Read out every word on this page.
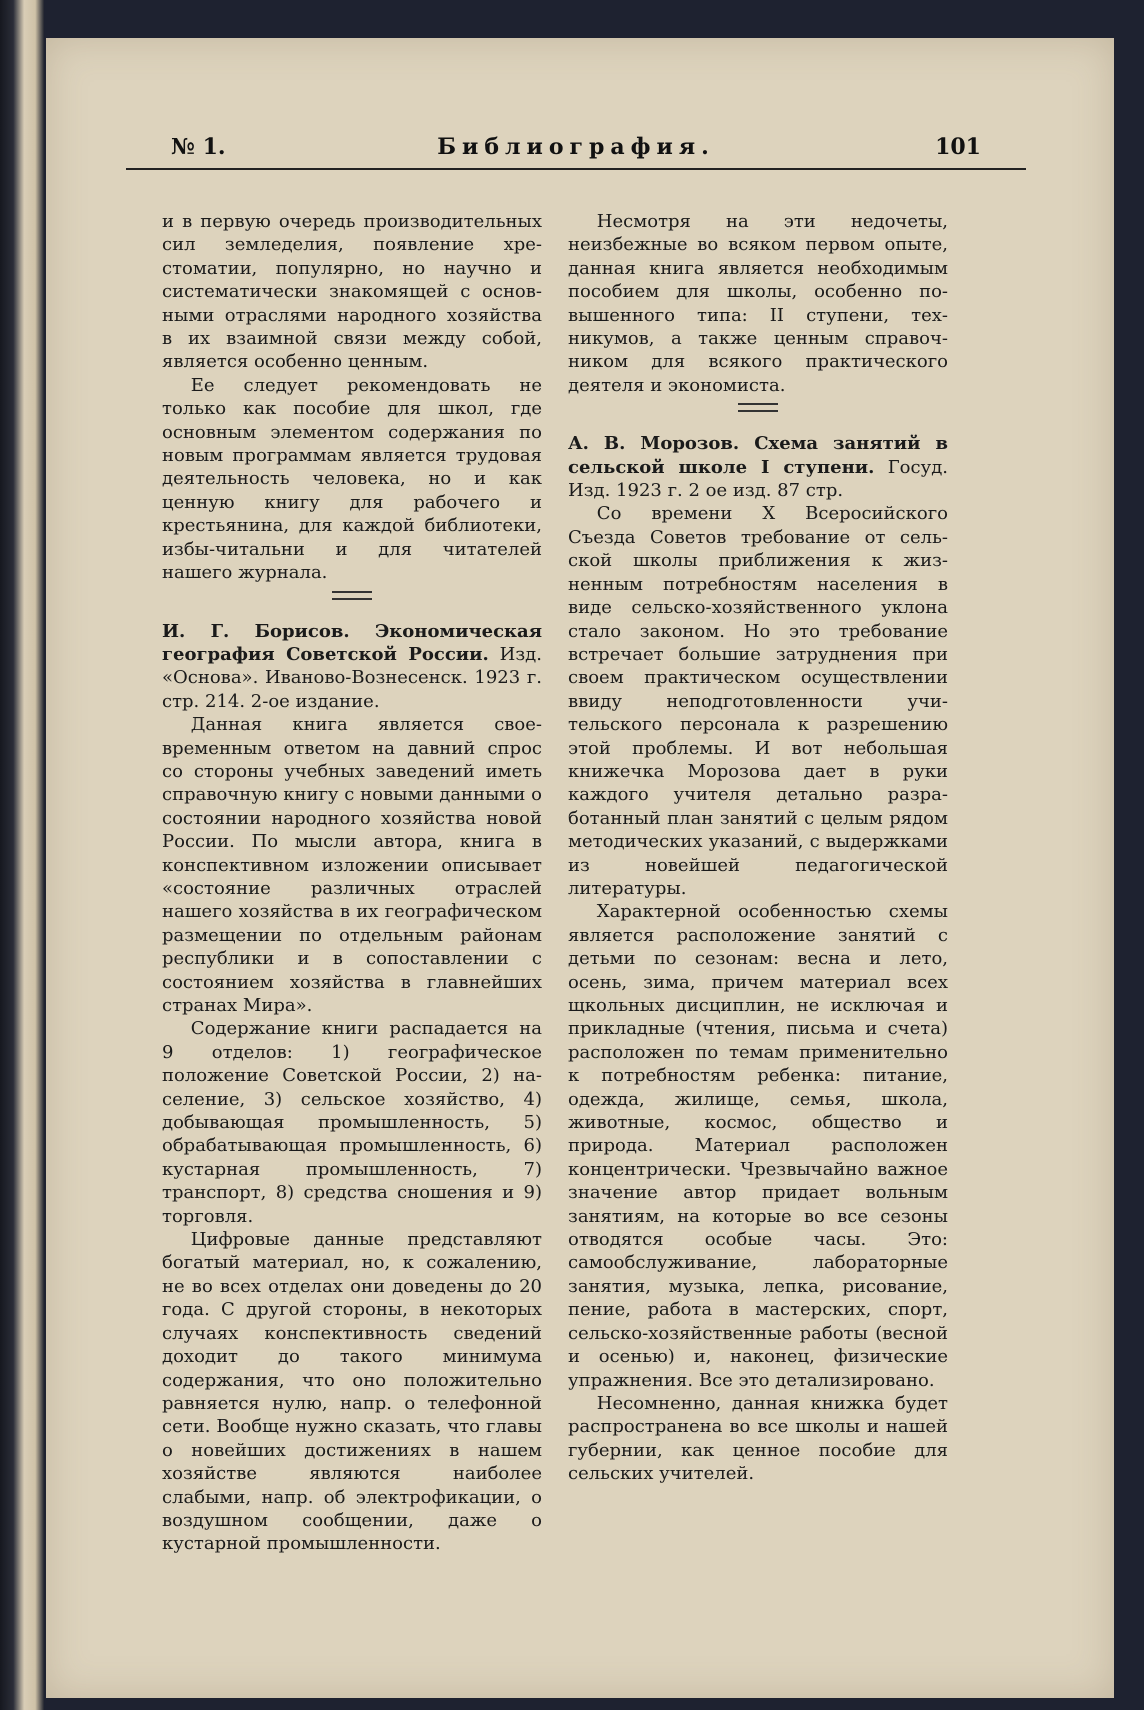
№ 1.	Библиография.	101

и в первую очередь производительных сил земледелия, появление хрестоматии, популярно, но научно и систематически знакомящей с основными отраслями народного хозяйства в их взаимной связи между собой, является особенно ценным.

Ее следует рекомендовать не только как пособие для школ, где основным элементом содержания по новым программам является трудовая деятельность человека, но и как ценную книгу для рабочего и крестьянина, для каждой библиотеки, избы-читальни и для читателей нашего журнала.

И. Г. Борисов. Экономическая география Советской России. Изд. «Основа». Иваново-Вознесенск. 1923 г. стр. 214. 2-ое издание.

Данная книга является своевременным ответом на давний спрос со стороны учебных заведений иметь справочную книгу с новыми данными о состоянии народного хозяйства новой России. По мысли автора, книга в конспективном изложении описывает «состояние различных отраслей нашего хозяйства в их географическом размещении по отдельным районам республики и в сопоставлении с состоянием хозяйства в главнейших странах Мира».

Содержание книги распадается на 9 отделов: 1) географическое положение Советской России, 2) население, 3) сельское хозяйство, 4) добывающая промышленность, 5) обрабатывающая промышленность, 6) кустарная промышленность, 7) транспорт, 8) средства сношения и 9) торговля.

Цифровые данные представляют богатый материал, но, к сожалению, не во всех отделах они доведены до 20 года. С другой стороны, в некоторых случаях конспективность сведений доходит до такого минимума содержания, что оно положительно равняется нулю, напр. о телефонной сети. Вообще нужно сказать, что главы о новейших достижениях в нашем хозяйстве являются наиболее слабыми, напр. об электрофикации, о воздушном сообщении, даже о кустарной промышленности.

Несмотря на эти недочеты, неизбежные во всяком первом опыте, данная книга является необходимым пособием для школы, особенно повышенного типа: II ступени, техникумов, а также ценным справочником для всякого практического деятеля и экономиста.

А. В. Морозов. Схема занятий в сельской школе I ступени. Госуд. Изд. 1923 г. 2 ое изд. 87 стр.

Со времени X Всеросийского Съезда Советов требование от сельской школы приближения к жизненным потребностям населения в виде сельско-хозяйственного уклона стало законом. Но это требование встречает большие затруднения при своем практическом осуществлении ввиду неподготовленности учительского персонала к разрешению этой проблемы. И вот небольшая книжечка Морозова дает в руки каждого учителя детально разработанный план занятий с целым рядом методических указаний, с выдержками из новейшей педагогической литературы.

Характерной особенностью схемы является расположение занятий с детьми по сезонам: весна и лето, осень, зима, причем материал всех щкольных дисциплин, не исключая и прикладные (чтения, письма и счета) расположен по темам применительно к потребностям ребенка: питание, одежда, жилище, семья, школа, животные, космос, общество и природа. Материал расположен концентрически. Чрезвычайно важное значение автор придает вольным занятиям, на которые во все сезоны отводятся особые часы. Это: самообслуживание, лабораторные занятия, музыка, лепка, рисование, пение, работа в мастерских, спорт, сельско-хозяйственные работы (весной и осенью) и, наконец, физические упражнения. Все это детализировано.

Несомненно, данная книжка будет распространена во все школы и нашей губернии, как ценное пособие для сельских учителей.
